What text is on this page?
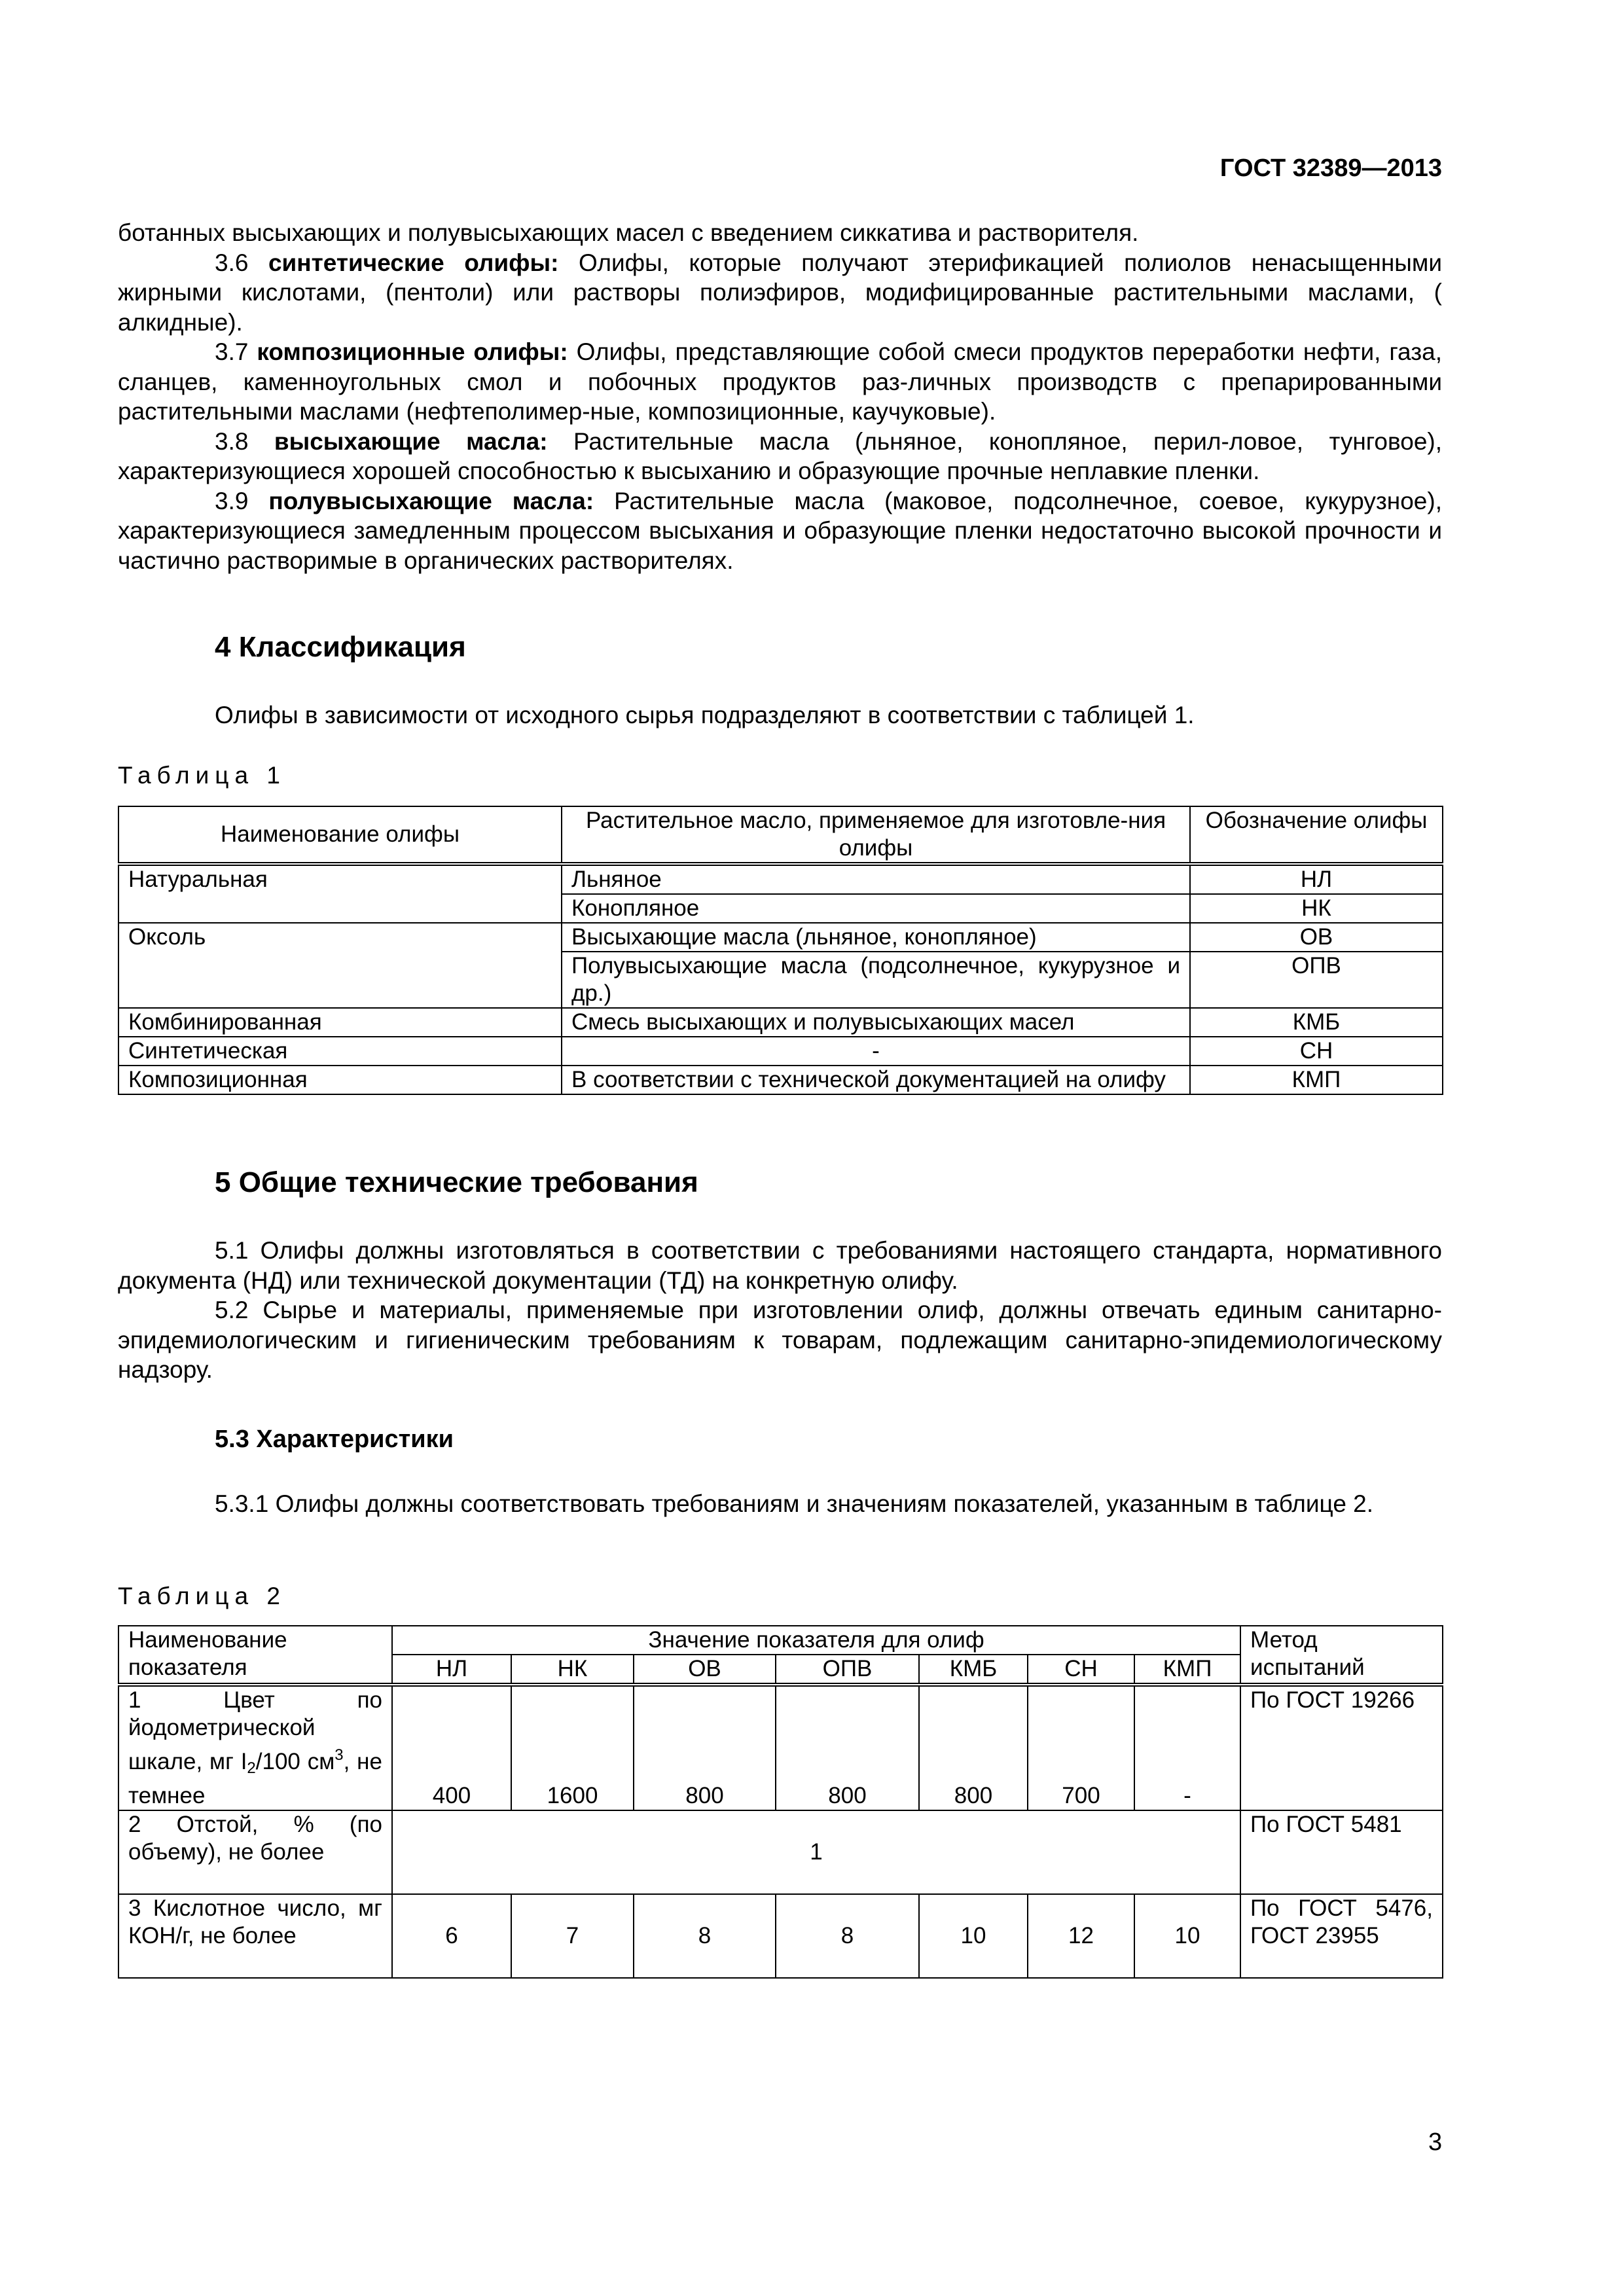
ГОСТ 32389—2013

ботанных высыхающих и полувысыхающих масел с введением сиккатива и растворителя.

3.6 синтетические олифы: Олифы, которые получают этерификацией полиолов ненасыщенными жирными кислотами, (пентоли) или растворы полиэфиров, модифицированные растительными маслами, ( алкидные).

3.7 композиционные олифы: Олифы, представляющие собой смеси продуктов переработки нефти, газа, сланцев, каменноугольных смол и побочных продуктов раз-личных производств с препарированными растительными маслами (нефтеполимер-ные, композиционные, каучуковые).

3.8 высыхающие масла: Растительные масла (льняное, конопляное, перил-ловое, тунговое), характеризующиеся хорошей способностью к высыханию и образующие прочные неплавкие пленки.

3.9 полувысыхающие масла: Растительные масла (маковое, подсолнечное, соевое, кукурузное), характеризующиеся замедленным процессом высыхания и образующие пленки недостаточно высокой прочности и частично растворимые в органических растворителях.

4 Классификация

Олифы в зависимости от исходного сырья подразделяют в соответствии с таблицей 1.

Таблица 1
Наименование олифы	Растительное масло, применяемое для изготовле-ния олифы	Обозначение олифы
Натуральная	Льняное	НЛ
	Конопляное	НК
Оксоль	Высыхающие масла (льняное, конопляное)	ОВ
	Полувысыхающие масла (подсолнечное, кукурузное и др.)	ОПВ
Комбинированная	Смесь высыхающих и полувысыхающих масел	КМБ
Синтетическая	-	СН
Композиционная	В соответствии с технической документацией на олифу	КМП
5 Общие технические требования

5.1 Олифы должны изготовляться в соответствии с требованиями настоящего стандарта, нормативного документа (НД) или технической документации (ТД) на конкретную олифу.

5.2 Сырье и материалы, применяемые при изготовлении олиф, должны отвечать единым санитарно-эпидемиологическим и гигиеническим требованиям к товарам, подлежащим санитарно-эпидемиологическому надзору.

5.3 Характеристики

5.3.1 Олифы должны соответствовать требованиям и значениям показателей, указанным в таблице 2.

Таблица 2
Наименование показателя	Значение показателя для олиф							Метод испытаний
	НЛ	НК	ОВ	ОПВ	КМБ	СН	КМП	
1 Цвет по йодометрической шкале, мг $I_2/100$ $см^3$, не темнее	400	1600	800	800	800	700	-	По ГОСТ 19266
2 Отстой, % (по объему), не более	1							По ГОСТ 5481
3 Кислотное число, мг КОН/г, не более	6	7	8	8	10	12	10	По ГОСТ 5476, ГОСТ 23955
3
